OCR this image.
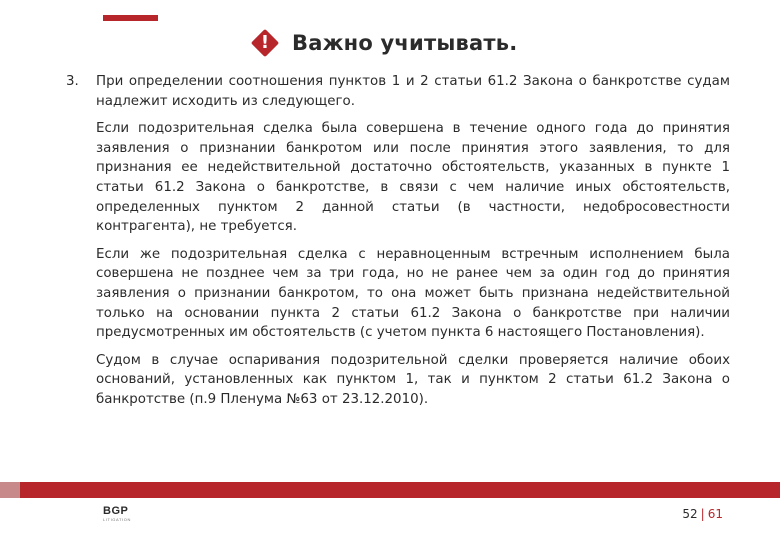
!	Важно учитывать.
3.	При определении соотношения пунктов 1 и 2 статьи 61.2 Закона о банкротстве судам надлежит исходить из следующего.
Если подозрительная сделка была совершена в течение одного года до принятия заявления о признании банкротом или после принятия этого заявления, то для признания ее недействительной достаточно обстоятельств, указанных в пункте 1 статьи 61.2 Закона о банкротстве, в связи с чем наличие иных обстоятельств, определенных пунктом 2 данной статьи (в частности, недобросовестности контрагента), не требуется.
Если же подозрительная сделка с неравноценным встречным исполнением была совершена не позднее чем за три года, но не ранее чем за один год до принятия заявления о признании банкротом, то она может быть признана недействительной только на основании пункта 2 статьи 61.2 Закона о банкротстве при наличии предусмотренных им обстоятельств (с учетом пункта 6 настоящего Постановления).
Судом в случае оспаривания подозрительной сделки проверяется наличие обоих оснований, установленных как пунктом 1, так и пунктом 2 статьи 61.2 Закона о банкротстве (п.9 Пленума №63 от 23.12.2010).
BGP
LITIGATION	52 | 61
